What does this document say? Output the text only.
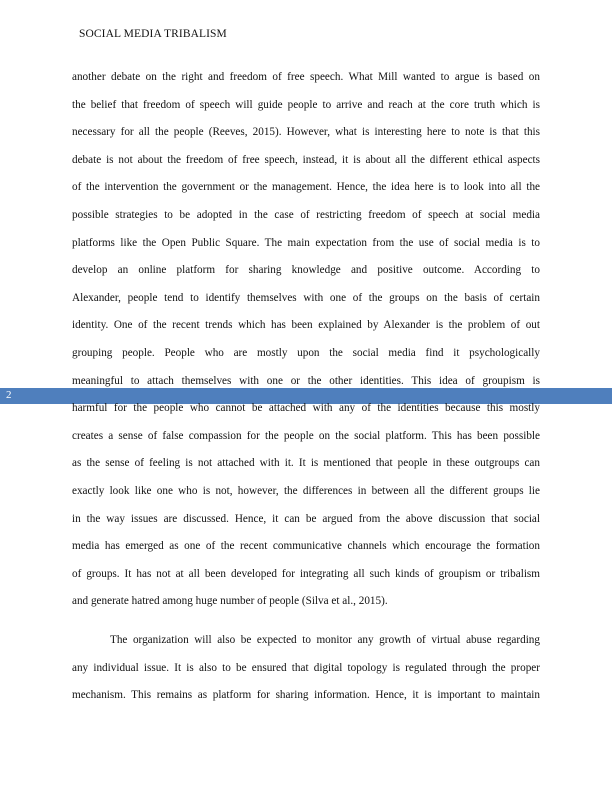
SOCIAL MEDIA TRIBALISM
2
another debate on the right and freedom of free speech. What Mill wanted to argue is based on
the belief that freedom of speech will guide people to arrive and reach at the core truth which is
necessary for all the people (Reeves, 2015). However, what is interesting here to note is that this
debate is not about the freedom of free speech, instead, it is about all the different ethical aspects
of the intervention the government or the management. Hence, the idea here is to look into all the
possible strategies to be adopted in the case of restricting freedom of speech at social media
platforms like the Open Public Square. The main expectation from the use of social media is to
develop an online platform for sharing knowledge and positive outcome. According to
Alexander, people tend to identify themselves with one of the groups on the basis of certain
identity. One of the recent trends which has been explained by Alexander is the problem of out
grouping people. People who are mostly upon the social media find it psychologically
meaningful to attach themselves with one or the other identities. This idea of groupism is
harmful for the people who cannot be attached with any of the identities because this mostly
creates a sense of false compassion for the people on the social platform. This has been possible
as the sense of feeling is not attached with it. It is mentioned that people in these outgroups can
exactly look like one who is not, however, the differences in between all the different groups lie
in the way issues are discussed. Hence, it can be argued from the above discussion that social
media has emerged as one of the recent communicative channels which encourage the formation
of groups. It has not at all been developed for integrating all such kinds of groupism or tribalism
and generate hatred among huge number of people (Silva et al., 2015).
The organization will also be expected to monitor any growth of virtual abuse regarding
any individual issue. It is also to be ensured that digital topology is regulated through the proper
mechanism. This remains as platform for sharing information. Hence, it is important to maintain
